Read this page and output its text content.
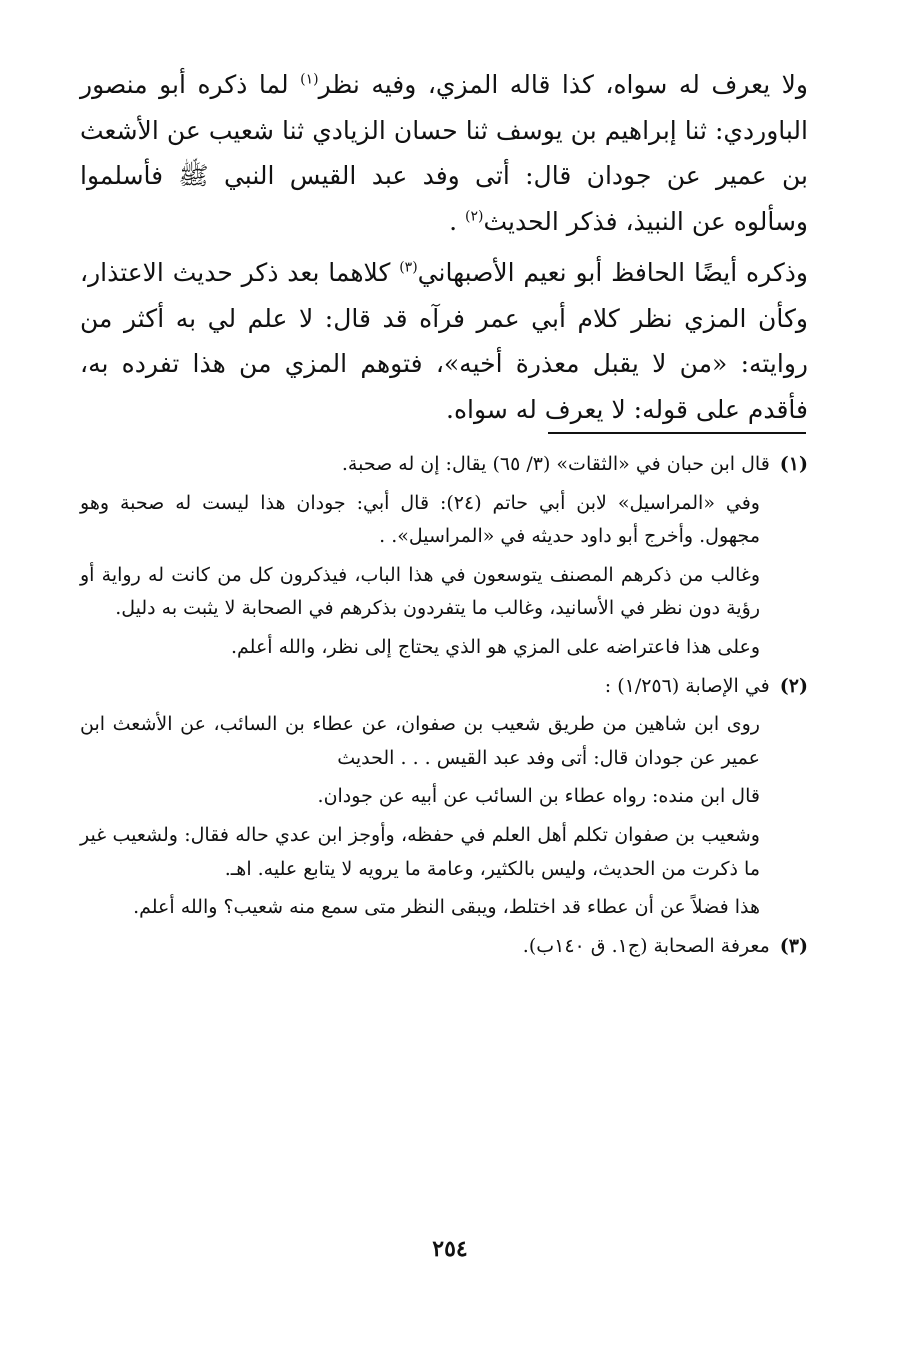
ولا يعرف له سواه، كذا قاله المزي، وفيه نظر$^{(١)}$ لما ذكره أبو منصور الباوردي: ثنا إبراهيم بن يوسف ثنا حسان الزيادي ثنا شعيب عن الأشعث بن عمير عن جودان قال: أتى وفد عبد القيس النبي ﷺ فأسلموا وسألوه عن النبيذ، فذكر الحديث$^{(٢)}$ .

وذكره أيضًا الحافظ أبو نعيم الأصبهاني$^{(٣)}$ كلاهما بعد ذكر حديث الاعتذار، وكأن المزي نظر كلام أبي عمر فرآه قد قال: لا علم لي به أكثر من روايته: «من لا يقبل معذرة أخيه»، فتوهم المزي من هذا تفرده به، فأقدم على قوله: لا يعرف له سواه.

(١)قال ابن حبان في «الثقات» (٣/ ٦٥) يقال: إن له صحبة.

وفي «المراسيل» لابن أبي حاتم (٢٤): قال أبي: جودان هذا ليست له صحبة وهو مجهول. وأخرج أبو داود حديثه في «المراسيل». .

وغالب من ذكرهم المصنف يتوسعون في هذا الباب، فيذكرون كل من كانت له رواية أو رؤية دون نظر في الأسانيد، وغالب ما يتفردون بذكرهم في الصحابة لا يثبت به دليل.

وعلى هذا فاعتراضه على المزي هو الذي يحتاج إلى نظر، والله أعلم.

(٢)في الإصابة (١/٢٥٦) :

روى ابن شاهين من طريق شعيب بن صفوان، عن عطاء بن السائب، عن الأشعث ابن عمير عن جودان قال: أتى وفد عبد القيس . . . الحديث

قال ابن منده: رواه عطاء بن السائب عن أبيه عن جودان.

وشعيب بن صفوان تكلم أهل العلم في حفظه، وأوجز ابن عدي حاله فقال: ولشعيب غير ما ذكرت من الحديث، وليس بالكثير، وعامة ما يرويه لا يتابع عليه. اهـ.

هذا فضلاً عن أن عطاء قد اختلط، ويبقى النظر متى سمع منه شعيب؟ والله أعلم.

(٣)معرفة الصحابة (ج١. ق ١٤٠ب).

٢٥٤
